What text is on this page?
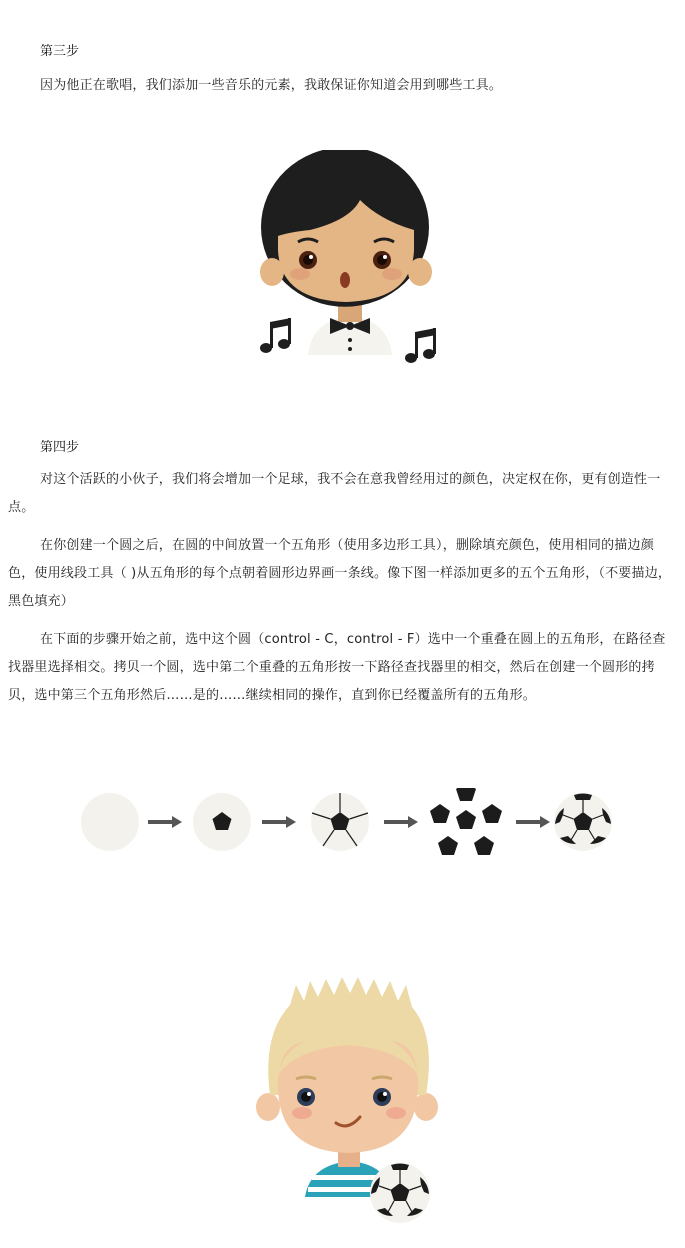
第三步

因为他正在歌唱，我们添加一些音乐的元素，我敢保证你知道会用到哪些工具。

第四步

对这个活跃的小伙子，我们将会增加一个足球，我不会在意我曾经用过的颜色，决定权在你，更有创造性一点。

在你创建一个圆之后，在圆的中间放置一个五角形（使用多边形工具），删除填充颜色，使用相同的描边颜色，使用线段工具（ )从五角形的每个点朝着圆形边界画一条线。像下图一样添加更多的五个五角形，（不要描边，黑色填充）

在下面的步骤开始之前，选中这个圆（control - C，control - F）选中一个重叠在圆上的五角形，在路径查找器里选择相交。拷贝一个圆，选中第二个重叠的五角形按一下路径查找器里的相交，然后在创建一个圆形的拷贝，选中第三个五角形然后……是的……继续相同的操作，直到你已经覆盖所有的五角形。
